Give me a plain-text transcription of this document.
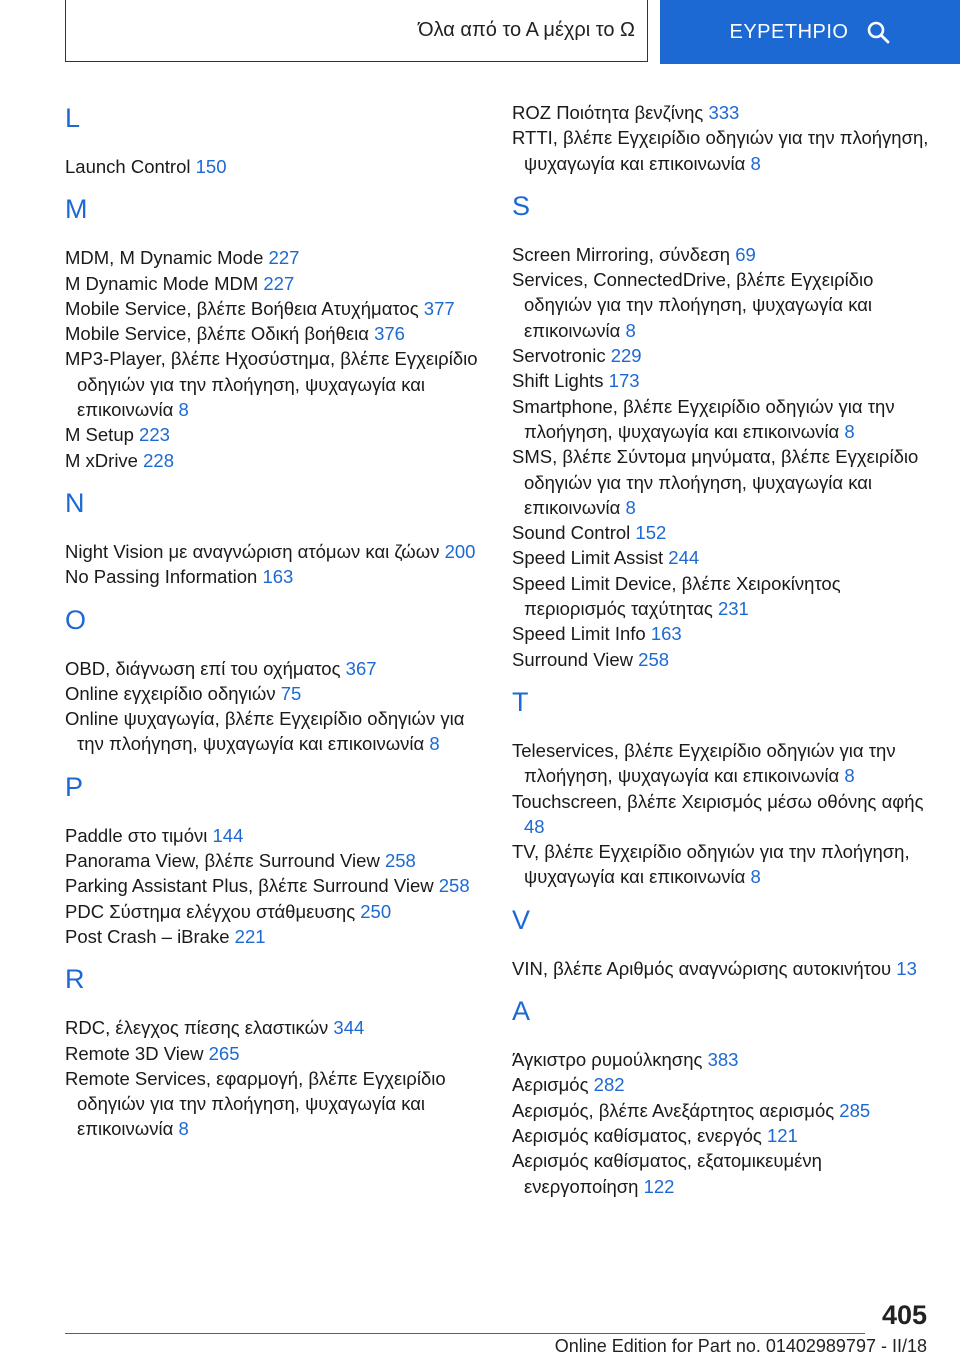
Όλα από το Α μέχρι το Ω	ΕΥΡΕΤΗΡΙΟ
L
Launch Control 150
M
MDM, M Dynamic Mode 227
M Dynamic Mode MDM 227
Mobile Service, βλέπε Βοήθεια Ατυχήματος 377
Mobile Service, βλέπε Οδική βοήθεια 376
MP3-Player, βλέπε Ηχοσύστημα, βλέπε Εγχειρίδιο οδηγιών για την πλοήγηση, ψυχαγωγία και επικοινωνία 8
M Setup 223
M xDrive 228
N
Night Vision με αναγνώριση ατόμων και ζώων 200
No Passing Information 163
O
OBD, διάγνωση επί του οχήματος 367
Online εγχειρίδιο οδηγιών 75
Online ψυχαγωγία, βλέπε Εγχειρίδιο οδηγιών για την πλοήγηση, ψυχαγωγία και επικοινωνία 8
P
Paddle στο τιμόνι 144
Panorama View, βλέπε Surround View 258
Parking Assistant Plus, βλέπε Surround View 258
PDC Σύστημα ελέγχου στάθμευσης 250
Post Crash – iBrake 221
R
RDC, έλεγχος πίεσης ελαστικών 344
Remote 3D View 265
Remote Services, εφαρμογή, βλέπε Εγχειρίδιο οδηγιών για την πλοήγηση, ψυχαγωγία και επικοινωνία 8
ROZ Ποιότητα βενζίνης 333
RTTI, βλέπε Εγχειρίδιο οδηγιών για την πλοήγηση, ψυχαγωγία και επικοινωνία 8
S
Screen Mirroring, σύνδεση 69
Services, ConnectedDrive, βλέπε Εγχειρίδιο οδηγιών για την πλοήγηση, ψυχαγωγία και επικοινωνία 8
Servotronic 229
Shift Lights 173
Smartphone, βλέπε Εγχειρίδιο οδηγιών για την πλοήγηση, ψυχαγωγία και επικοινωνία 8
SMS, βλέπε Σύντομα μηνύματα, βλέπε Εγχειρίδιο οδηγιών για την πλοήγηση, ψυχαγωγία και επικοινωνία 8
Sound Control 152
Speed Limit Assist 244
Speed Limit Device, βλέπε Χειροκίνητος περιορισμός ταχύτητας 231
Speed Limit Info 163
Surround View 258
T
Teleservices, βλέπε Εγχειρίδιο οδηγιών για την πλοήγηση, ψυχαγωγία και επικοινωνία 8
Touchscreen, βλέπε Χειρισμός μέσω οθόνης αφής 48
TV, βλέπε Εγχειρίδιο οδηγιών για την πλοήγηση, ψυχαγωγία και επικοινωνία 8
V
VIN, βλέπε Αριθμός αναγνώρισης αυτοκινήτου 13
Α
Άγκιστρο ρυμούλκησης 383
Αερισμός 282
Αερισμός, βλέπε Ανεξάρτητος αερισμός 285
Αερισμός καθίσματος, ενεργός 121
Αερισμός καθίσματος, εξατομικευμένη ενεργοποίηση 122
405
Online Edition for Part no. 01402989797 - II/18
